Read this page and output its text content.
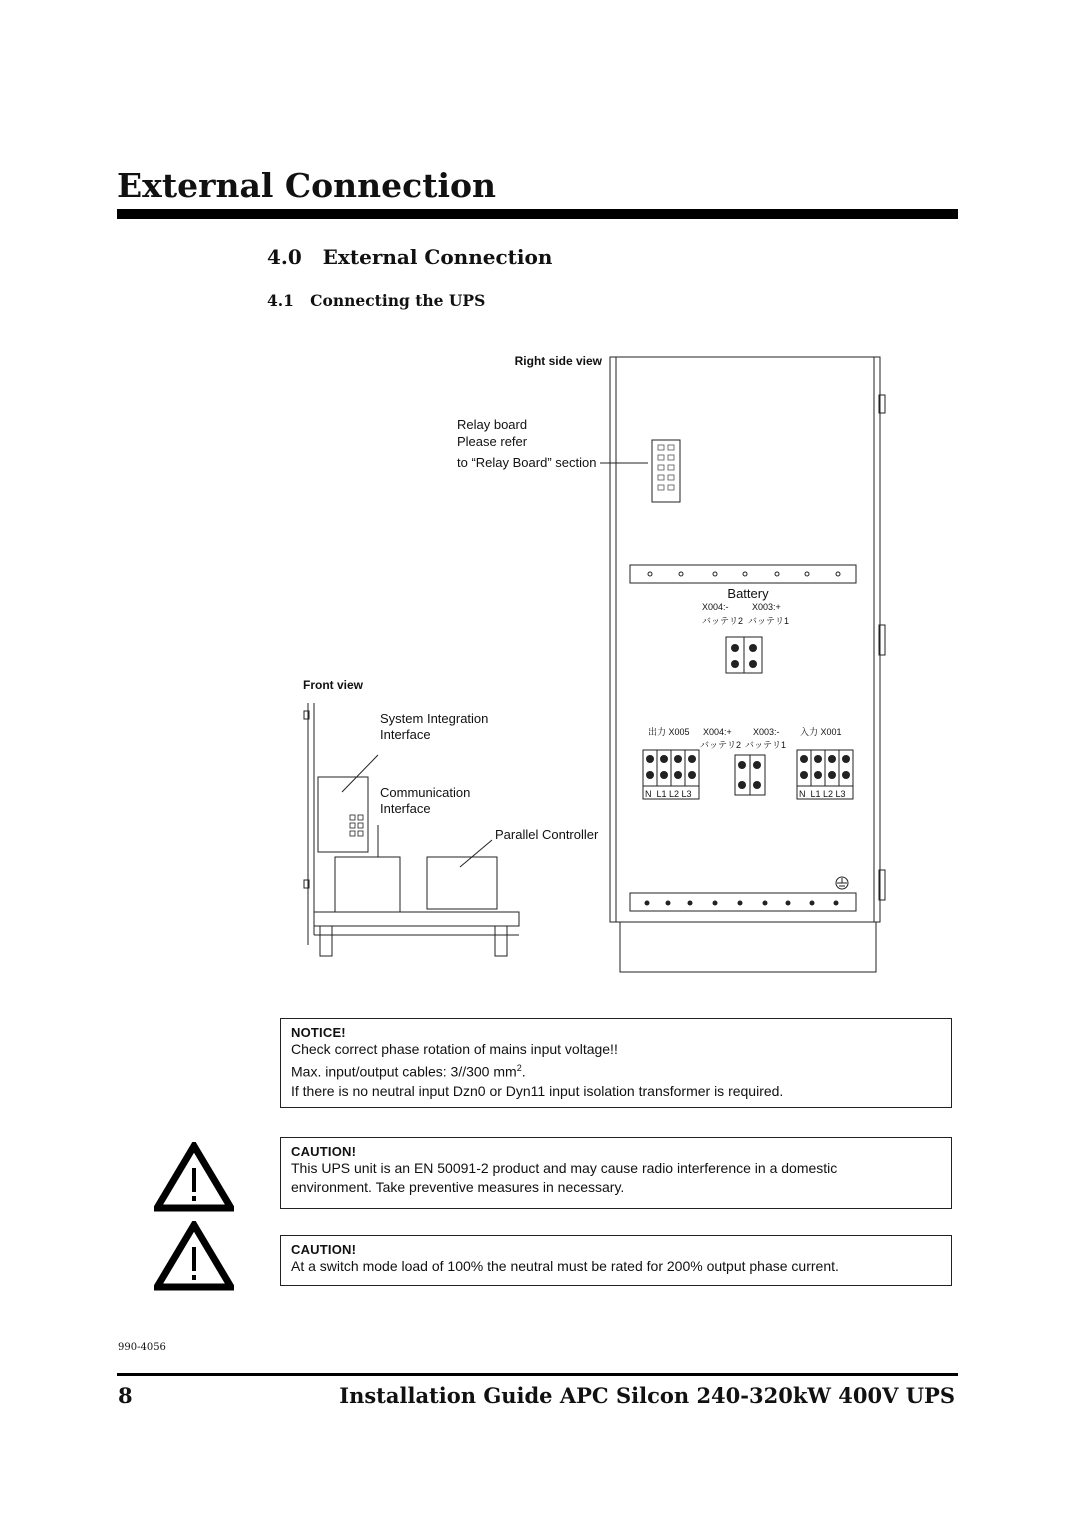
External Connection
4.0   External Connection
4.1   Connecting the UPS
Right side view
Relay board
Please refer
to “Relay Board” section
Battery
X004:-	X003:+
バッテリ2 バッテリ1
Front view
System Integration
Interface
Communication
Interface
Parallel Controller
出力 X005 X004:+ X003:- 入力 X001
バッテリ2 バッテリ1
N  L1 L2 L3	N  L1 L2 L3
NOTICE!
Check correct phase rotation of mains input voltage!!
Max. input/output cables: 3//300 $mm^2$.
If there is no neutral input Dzn0 or Dyn11 input isolation transformer is required.
CAUTION!
This UPS unit is an EN 50091-2 product and may cause radio interference in a domestic
environment. Take preventive measures in necessary.
CAUTION!
At a switch mode load of 100% the neutral must be rated for 200% output phase current.
990-4056
8	Installation Guide APC Silcon 240-320kW 400V UPS
